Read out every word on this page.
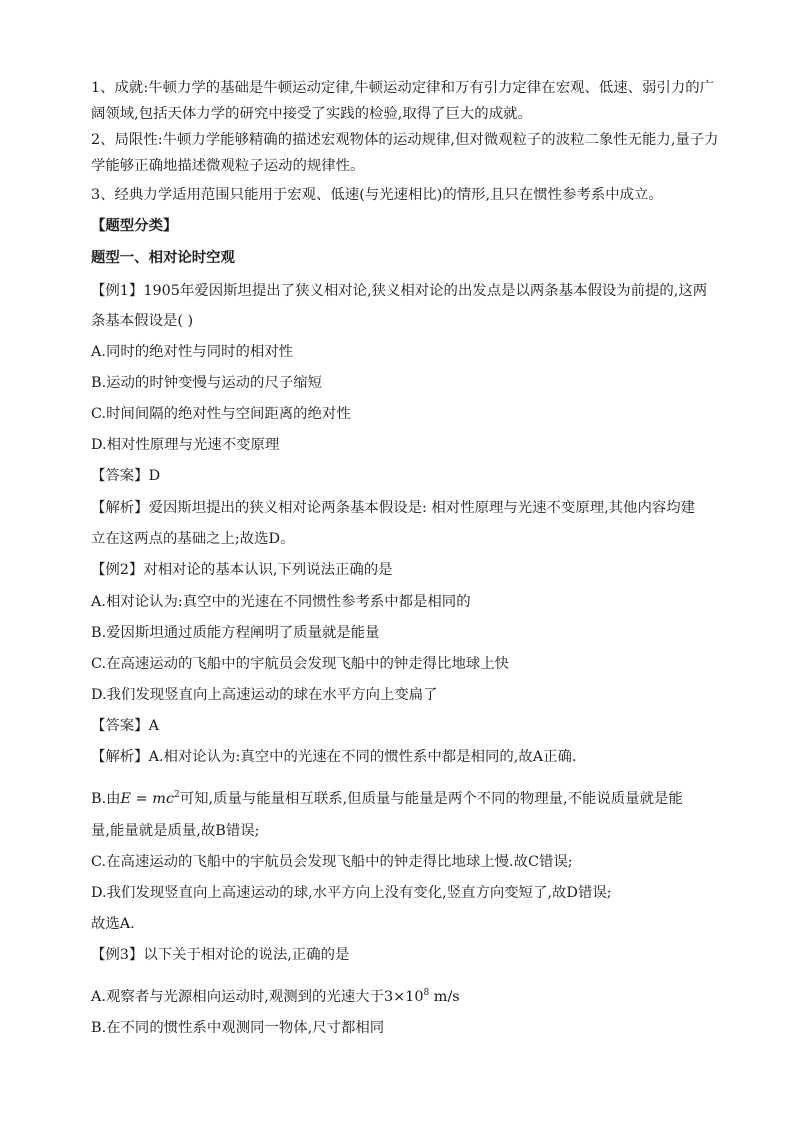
1、成就:牛顿力学的基础是牛顿运动定律,牛顿运动定律和万有引力定律在宏观、低速、弱引力的广
阔领域,包括天体力学的研究中接受了实践的检验,取得了巨大的成就。
2、局限性:牛顿力学能够精确的描述宏观物体的运动规律,但对微观粒子的波粒二象性无能力,量子力
学能够正确地描述微观粒子运动的规律性。
3、经典力学适用范围只能用于宏观、低速(与光速相比)的情形,且只在惯性参考系中成立。
【题型分类】
题型一、相对论时空观
【例1】1905年爱因斯坦提出了狭义相对论,狭义相对论的出发点是以两条基本假设为前提的,这两
条基本假设是( )
A.同时的绝对性与同时的相对性
B.运动的时钟变慢与运动的尺子缩短
C.时间间隔的绝对性与空间距离的绝对性
D.相对性原理与光速不变原理
【答案】D
【解析】爱因斯坦提出的狭义相对论两条基本假设是: 相对性原理与光速不变原理,其他内容均建
立在这两点的基础之上;故选D。
【例2】对相对论的基本认识,下列说法正确的是
A.相对论认为:真空中的光速在不同惯性参考系中都是相同的
B.爱因斯坦通过质能方程阐明了质量就是能量
C.在高速运动的飞船中的宇航员会发现飞船中的钟走得比地球上快
D.我们发现竖直向上高速运动的球在水平方向上变扁了
【答案】A
【解析】A.相对论认为:真空中的光速在不同的惯性系中都是相同的,故A正确.
B.由$E = mc^2$可知,质量与能量相互联系,但质量与能量是两个不同的物理量,不能说质量就是能
量,能量就是质量,故B错误;
C.在高速运动的飞船中的宇航员会发现飞船中的钟走得比地球上慢.故C错误;
D.我们发现竖直向上高速运动的球,水平方向上没有变化,竖直方向变短了,故D错误;
故选A.
【例3】以下关于相对论的说法,正确的是
A.观察者与光源相向运动时,观测到的光速大于$3\times 10^8$ m/s
B.在不同的惯性系中观测同一物体,尺寸都相同
